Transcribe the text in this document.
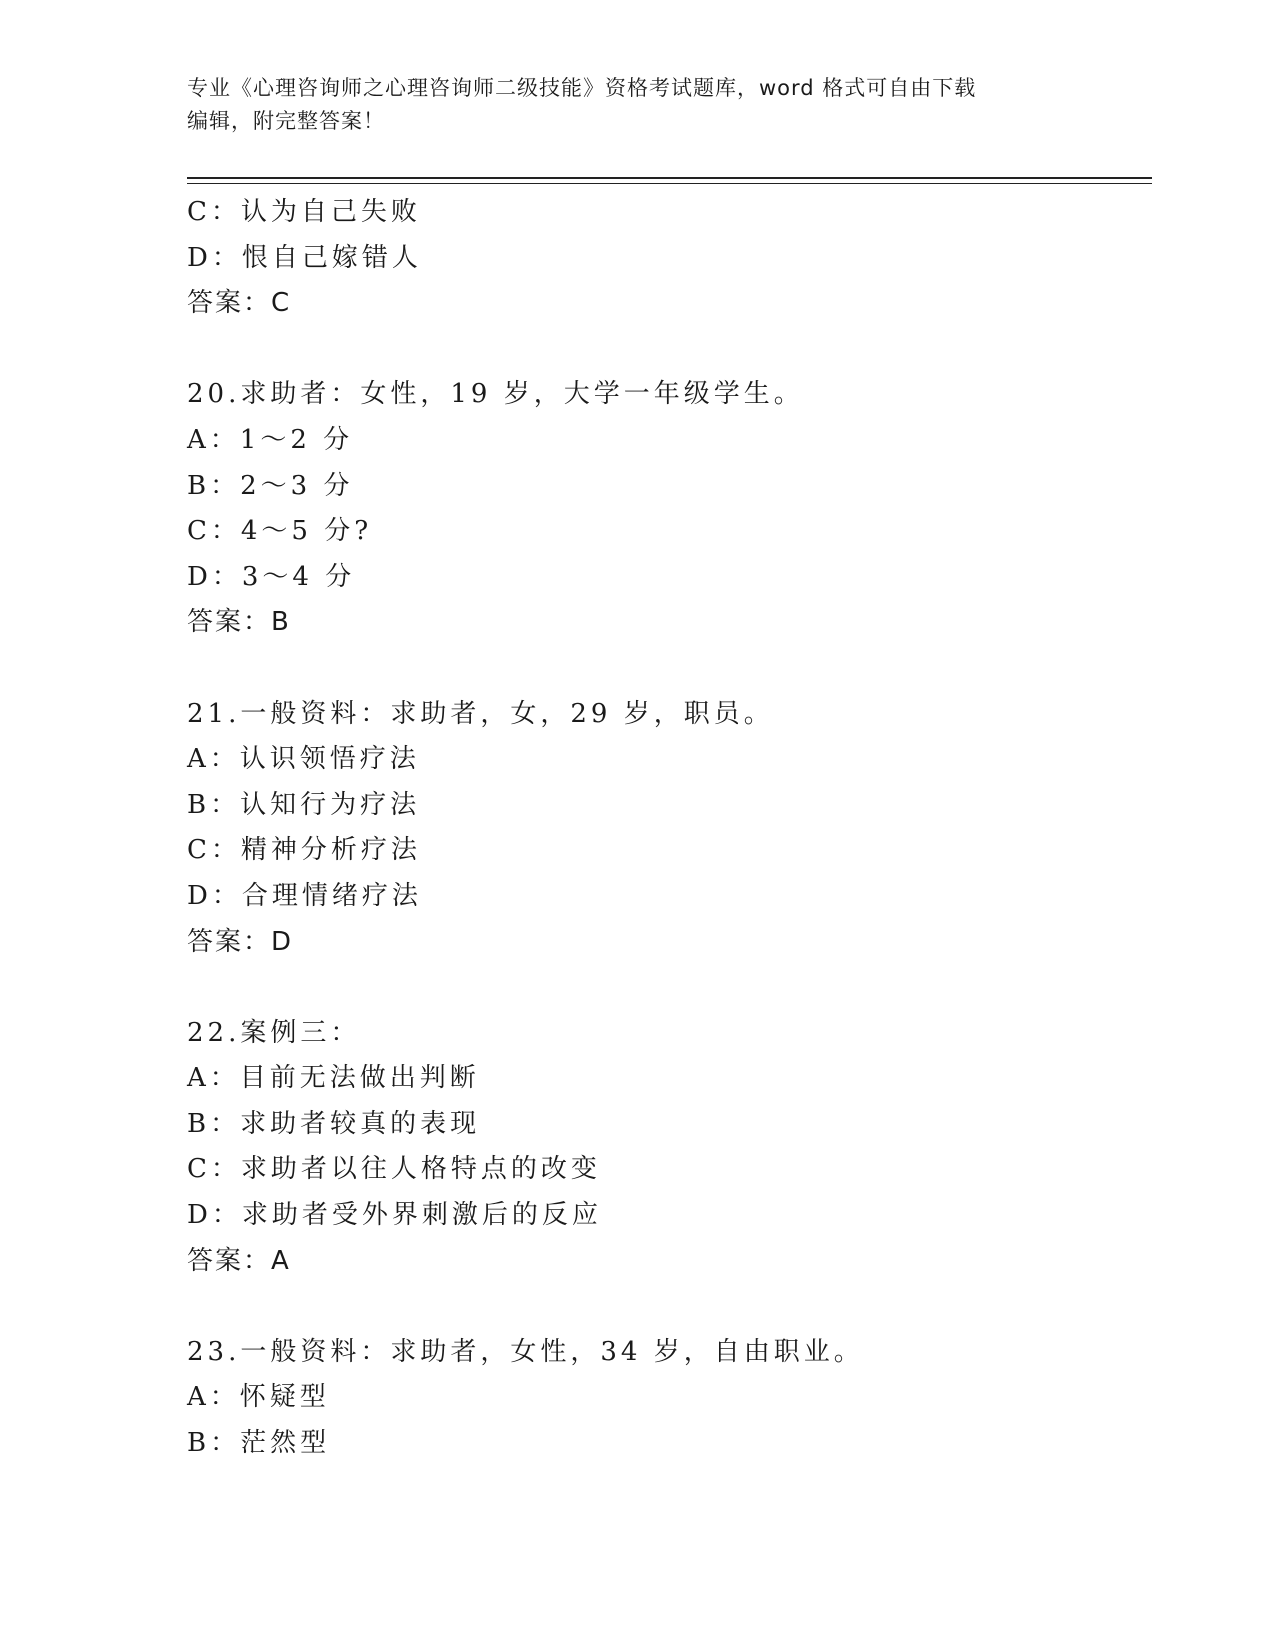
专业《心理咨询师之心理咨询师二级技能》资格考试题库，word 格式可自由下载
编辑，附完整答案！
C：认为自己失败
D：恨自己嫁错人
答案：C
20.求助者：女性，19 岁，大学一年级学生。
A：1～2 分
B：2～3 分
C：4～5 分?
D：3～4 分
答案：B
21.一般资料：求助者，女，29 岁，职员。
A：认识领悟疗法
B：认知行为疗法
C：精神分析疗法
D：合理情绪疗法
答案：D
22.案例三：
A：目前无法做出判断
B：求助者较真的表现
C：求助者以往人格特点的改变
D：求助者受外界刺激后的反应
答案：A
23.一般资料：求助者，女性，34 岁，自由职业。
A：怀疑型
B：茫然型
